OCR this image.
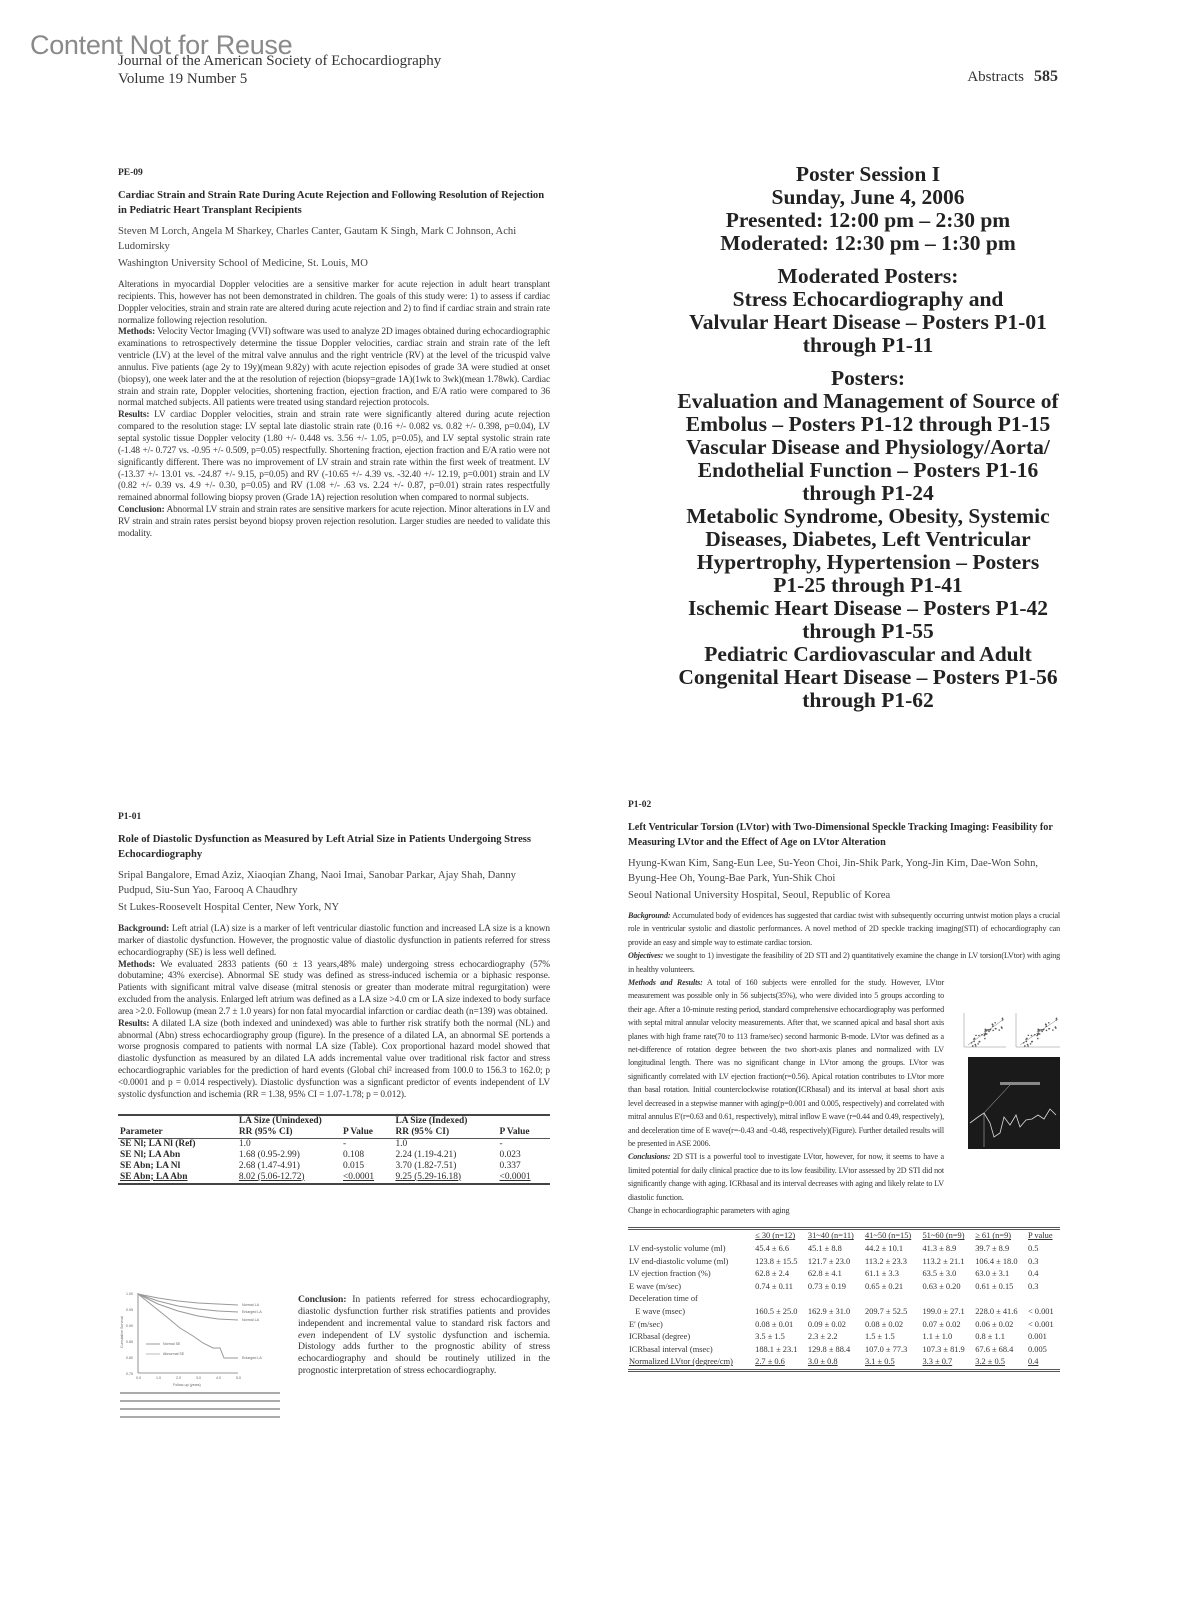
Content Not for Reuse
Journal of the American Society of Echocardiography
Volume 19 Number 5	Abstracts 585
PE-09
Cardiac Strain and Strain Rate During Acute Rejection and Following Resolution of Rejection in Pediatric Heart Transplant Recipients
Steven M Lorch, Angela M Sharkey, Charles Canter, Gautam K Singh, Mark C Johnson, Achi Ludomirsky
Washington University School of Medicine, St. Louis, MO

Alterations in myocardial Doppler velocities are a sensitive marker for acute rejection in adult heart transplant recipients. This, however has not been demonstrated in children. The goals of this study were: 1) to assess if cardiac Doppler velocities, strain and strain rate are altered during acute rejection and 2) to find if cardiac strain and strain rate normalize following rejection resolution.

Methods: Velocity Vector Imaging (VVI) software was used to analyze 2D images obtained during echocardiographic examinations to retrospectively determine the tissue Doppler velocities, cardiac strain and strain rate of the left ventricle (LV) at the level of the mitral valve annulus and the right ventricle (RV) at the level of the tricuspid valve annulus. Five patients (age 2y to 19y)(mean 9.82y) with acute rejection episodes of grade 3A were studied at onset (biopsy), one week later and the at the resolution of rejection (biopsy=grade 1A)(1wk to 3wk)(mean 1.78wk). Cardiac strain and strain rate, Doppler velocities, shortening fraction, ejection fraction, and E/A ratio were compared to 36 normal matched subjects. All patients were treated using standard rejection protocols.

Results: LV cardiac Doppler velocities, strain and strain rate were significantly altered during acute rejection compared to the resolution stage: LV septal late diastolic strain rate (0.16 +/- 0.082 vs. 0.82 +/- 0.398, p=0.04), LV septal systolic tissue Doppler velocity (1.80 +/- 0.448 vs. 3.56 +/- 1.05, p=0.05), and LV septal systolic strain rate (-1.48 +/- 0.727 vs. -0.95 +/- 0.509, p=0.05) respectfully. Shortening fraction, ejection fraction and E/A ratio were not significantly different. There was no improvement of LV strain and strain rate within the first week of treatment. LV (-13.37 +/- 13.01 vs. -24.87 +/- 9.15, p=0.05) and RV (-10.65 +/- 4.39 vs. -32.40 +/- 12.19, p=0.001) strain and LV (0.82 +/- 0.39 vs. 4.9 +/- 0.30, p=0.05) and RV (1.08 +/- .63 vs. 2.24 +/- 0.87, p=0.01) strain rates respectfully remained abnormal following biopsy proven (Grade 1A) rejection resolution when compared to normal subjects.

Conclusion: Abnormal LV strain and strain rates are sensitive markers for acute rejection. Minor alterations in LV and RV strain and strain rates persist beyond biopsy proven rejection resolution. Larger studies are needed to validate this modality.

Poster Session I
Sunday, June 4, 2006
Presented: 12:00 pm – 2:30 pm
Moderated: 12:30 pm – 1:30 pm
Moderated Posters:
Stress Echocardiography and
Valvular Heart Disease – Posters P1-01
through P1-11
Posters:
Evaluation and Management of Source of
Embolus – Posters P1-12 through P1-15
Vascular Disease and Physiology/Aorta/
Endothelial Function – Posters P1-16
through P1-24
Metabolic Syndrome, Obesity, Systemic
Diseases, Diabetes, Left Ventricular
Hypertrophy, Hypertension – Posters
P1-25 through P1-41
Ischemic Heart Disease – Posters P1-42
through P1-55
Pediatric Cardiovascular and Adult
Congenital Heart Disease – Posters P1-56
through P1-62
P1-01
Role of Diastolic Dysfunction as Measured by Left Atrial Size in Patients Undergoing Stress Echocardiography
Sripal Bangalore, Emad Aziz, Xiaoqian Zhang, Naoi Imai, Sanobar Parkar, Ajay Shah, Danny Pudpud, Siu-Sun Yao, Farooq A Chaudhry
St Lukes-Roosevelt Hospital Center, New York, NY

Background: Left atrial (LA) size is a marker of left ventricular diastolic function and increased LA size is a known marker of diastolic dysfunction. However, the prognostic value of diastolic dysfunction in patients referred for stress echocardiography (SE) is less well defined.

Methods: We evaluated 2833 patients (60 ± 13 years,48% male) undergoing stress echocardiography (57% dobutamine; 43% exercise). Abnormal SE study was defined as stress-induced ischemia or a biphasic response. Patients with significant mitral valve disease (mitral stenosis or greater than moderate mitral regurgitation) were excluded from the analysis. Enlarged left atrium was defined as a LA size >4.0 cm or LA size indexed to body surface area >2.0. Followup (mean 2.7 ± 1.0 years) for non fatal myocardial infarction or cardiac death (n=139) was obtained.

Results: A dilated LA size (both indexed and unindexed) was able to further risk stratify both the normal (NL) and abnormal (Abn) stress echocardiography group (figure). In the presence of a dilated LA, an abnormal SE portends a worse prognosis compared to patients with normal LA size (Table). Cox proportional hazard model showed that diastolic dysfunction as measured by an dilated LA adds incremental value over traditional risk factor and stress echocardiographic variables for the prediction of hard events (Global chi² increased from 100.0 to 156.3 to 162.0; p <0.0001 and p = 0.014 respectively). Diastolic dysfunction was a signficant predictor of events independent of LV systolic dysfunction and ischemia (RR = 1.38, 95% CI = 1.07-1.78; p = 0.012).

	LA Size (Unindexed)		LA Size (Indexed)	
Parameter	RR (95% CI)	P Value	RR (95% CI)	P Value
SE Nl; LA Nl (Ref)	1.0	-	1.0	-
SE Nl; LA Abn	1.68 (0.95-2.99)	0.108	2.24 (1.19-4.21)	0.023
SE Abn; LA Nl	2.68 (1.47-4.91)	0.015	3.70 (1.82-7.51)	0.337
SE Abn; LA Abn	8.02 (5.06-12.72)	<0.0001	9.25 (5.29-16.18)	<0.0001
0.0	1.0	2.0	3.0	4.0	5.0
1.00
0.95
0.90
0.85
0.80
0.75
Follow-up (years)
Cumulative Survival
Normal LA
Enlarged LA
Normal LA
Enlarged LA
Normal SE
Abnormal SE

Conclusion: In patients referred for stress echocardiography, diastolic dysfunction further risk stratifies patients and provides independent and incremental value to standard risk factors and even independent of LV systolic dysfunction and ischemia. Distology adds further to the prognostic ability of stress echocardiography and should be routinely utilized in the prognostic interpretation of stress echocardiography.

P1-02
Left Ventricular Torsion (LVtor) with Two-Dimensional Speckle Tracking Imaging: Feasibility for Measuring LVtor and the Effect of Age on LVtor Alteration
Hyung-Kwan Kim, Sang-Eun Lee, Su-Yeon Choi, Jin-Shik Park, Yong-Jin Kim, Dae-Won Sohn, Byung-Hee Oh, Young-Bae Park, Yun-Shik Choi
Seoul National University Hospital, Seoul, Republic of Korea

Background: Accumulated body of evidences has suggested that cardiac twist with subsequently occurring untwist motion plays a crucial role in ventricular systolic and diastolic performances. A novel method of 2D speckle tracking imaging(STI) of echocardiography can provide an easy and simple way to estimate cardiac torsion.

Objectives: we sought to 1) investigate the feasibility of 2D STI and 2) quantitatively examine the change in LV torsion(LVtor) with aging in healthy volunteers.

Methods and Results: A total of 160 subjects were enrolled for the study. However, LVtor measurement was possible only in 56 subjects(35%), who were divided into 5 groups according to their age. After a 10-minute resting period, standard comprehensive echocardiography was performed with septal mitral annular velocity measurements. After that, we scanned apical and basal short axis planes with high frame rate(70 to 113 frame/sec) second harmonic B-mode. LVtor was defined as a net-difference of rotation degree between the two short-axis planes and normalized with LV longitudinal length. There was no significant change in LVtor among the groups. LVtor was significantly correlated with LV ejection fraction(r=0.56). Apical rotation contributes to LVtor more than basal rotation. Initial counterclockwise rotation(ICRbasal) and its interval at basal short axis level decreased in a stepwise manner with aging(p=0.001 and 0.005, respectively) and correlated with mitral annulus E'(r=0.63 and 0.61, respectively), mitral inflow E wave (r=0.44 and 0.49, respectively), and deceleration time of E wave(r=-0.43 and -0.48, respectively)(Figure). Further detailed results will be presented in ASE 2006.

Conclusions: 2D STI is a powerful tool to investigate LVtor, however, for now, it seems to have a limited potential for daily clinical practice due to its low feasibility. LVtor assessed by 2D STI did not significantly change with aging. ICRbasal and its interval decreases with aging and likely relate to LV diastolic function.

Change in echocardiographic parameters with aging

	≤ 30 (n=12)	31~40 (n=11)	41~50 (n=15)	51~60 (n=9)	≥ 61 (n=9)	P value
LV end-systolic volume (ml)	45.4 ± 6.6	45.1 ± 8.8	44.2 ± 10.1	41.3 ± 8.9	39.7 ± 8.9	0.5
LV end-diastolic volume (ml)	123.8 ± 15.5	121.7 ± 23.0	113.2 ± 23.3	113.2 ± 21.1	106.4 ± 18.0	0.3
LV ejection fraction (%)	62.8 ± 2.4	62.8 ± 4.1	61.1 ± 3.3	63.5 ± 3.0	63.0 ± 3.1	0.4
E wave (m/sec)	0.74 ± 0.11	0.73 ± 0.19	0.65 ± 0.21	0.63 ± 0.20	0.61 ± 0.15	0.3
Deceleration time of						
E wave (msec)	160.5 ± 25.0	162.9 ± 31.0	209.7 ± 52.5	199.0 ± 27.1	228.0 ± 41.6	< 0.001
E' (m/sec)	0.08 ± 0.01	0.09 ± 0.02	0.08 ± 0.02	0.07 ± 0.02	0.06 ± 0.02	< 0.001
ICRbasal (degree)	3.5 ± 1.5	2.3 ± 2.2	1.5 ± 1.5	1.1 ± 1.0	0.8 ± 1.1	0.001
ICRbasal interval (msec)	188.1 ± 23.1	129.8 ± 88.4	107.0 ± 77.3	107.3 ± 81.9	67.6 ± 68.4	0.005
Normalized LVtor (degree/cm)	2.7 ± 0.6	3.0 ± 0.8	3.1 ± 0.5	3.3 ± 0.7	3.2 ± 0.5	0.4
